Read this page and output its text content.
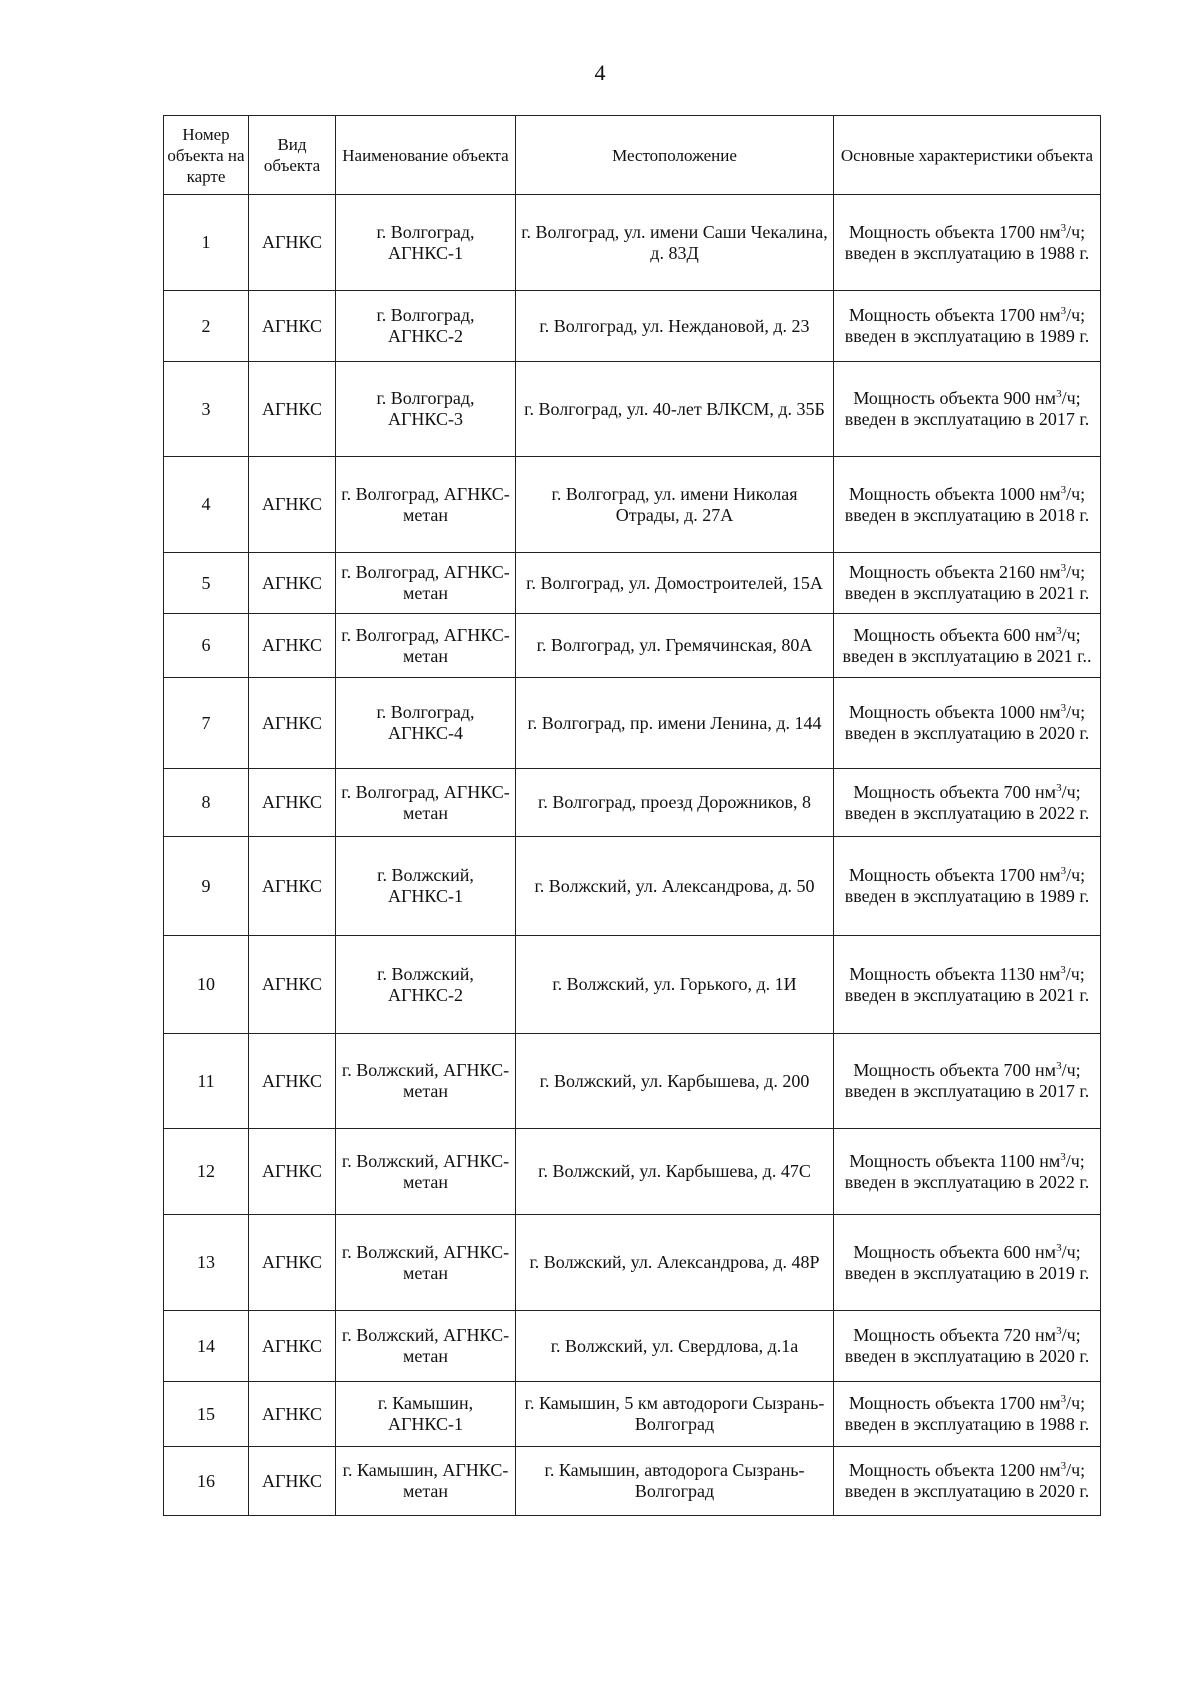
4
Номер объекта на карте	Вид объекта	Наименование объекта	Местоположение	Основные характеристики объекта
1	АГНКС	г. Волгоград, АГНКС-1	г. Волгоград, ул. имени Саши Чекалина, д. 83Д	Мощность объекта 1700 $нм^3/ч$; введен в эксплуатацию в 1988 г.
2	АГНКС	г. Волгоград, АГНКС-2	г. Волгоград, ул. Неждановой, д. 23	Мощность объекта 1700 $нм^3/ч$; введен в эксплуатацию в 1989 г.
3	АГНКС	г. Волгоград, АГНКС-3	г. Волгоград, ул. 40-лет ВЛКСМ, д. 35Б	Мощность объекта 900 $нм^3/ч$; введен в эксплуатацию в 2017 г.
4	АГНКС	г. Волгоград, АГНКС-метан	г. Волгоград, ул. имени Николая Отрады, д. 27А	Мощность объекта 1000 $нм^3/ч$; введен в эксплуатацию в 2018 г.
5	АГНКС	г. Волгоград, АГНКС-метан	г. Волгоград, ул. Домостроителей, 15А	Мощность объекта 2160 $нм^3/ч$; введен в эксплуатацию в 2021 г.
6	АГНКС	г. Волгоград, АГНКС-метан	г. Волгоград, ул. Гремячинская, 80А	Мощность объекта 600 $нм^3/ч$; введен в эксплуатацию в 2021 г..
7	АГНКС	г. Волгоград, АГНКС-4	г. Волгоград, пр. имени Ленина, д. 144	Мощность объекта 1000 $нм^3/ч$; введен в эксплуатацию в 2020 г.
8	АГНКС	г. Волгоград, АГНКС-метан	г. Волгоград, проезд Дорожников, 8	Мощность объекта 700 $нм^3/ч$; введен в эксплуатацию в 2022 г.
9	АГНКС	г. Волжский, АГНКС-1	г. Волжский, ул. Александрова, д. 50	Мощность объекта 1700 $нм^3/ч$; введен в эксплуатацию в 1989 г.
10	АГНКС	г. Волжский, АГНКС-2	г. Волжский, ул. Горького, д. 1И	Мощность объекта 1130 $нм^3/ч$; введен в эксплуатацию в 2021 г.
11	АГНКС	г. Волжский, АГНКС-метан	г. Волжский, ул. Карбышева, д. 200	Мощность объекта 700 $нм^3/ч$; введен в эксплуатацию в 2017 г.
12	АГНКС	г. Волжский, АГНКС-метан	г. Волжский, ул. Карбышева, д. 47С	Мощность объекта 1100 $нм^3/ч$; введен в эксплуатацию в 2022 г.
13	АГНКС	г. Волжский, АГНКС-метан	г. Волжский, ул. Александрова, д. 48Р	Мощность объекта 600 $нм^3/ч$; введен в эксплуатацию в 2019 г.
14	АГНКС	г. Волжский, АГНКС-метан	г. Волжский, ул. Свердлова, д.1а	Мощность объекта 720 $нм^3/ч$; введен в эксплуатацию в 2020 г.
15	АГНКС	г. Камышин, АГНКС-1	г. Камышин, 5 км автодороги Сызрань-Волгоград	Мощность объекта 1700 $нм^3/ч$; введен в эксплуатацию в 1988 г.
16	АГНКС	г. Камышин, АГНКС-метан	г. Камышин, автодорога Сызрань-Волгоград	Мощность объекта 1200 $нм^3/ч$; введен в эксплуатацию в 2020 г.
